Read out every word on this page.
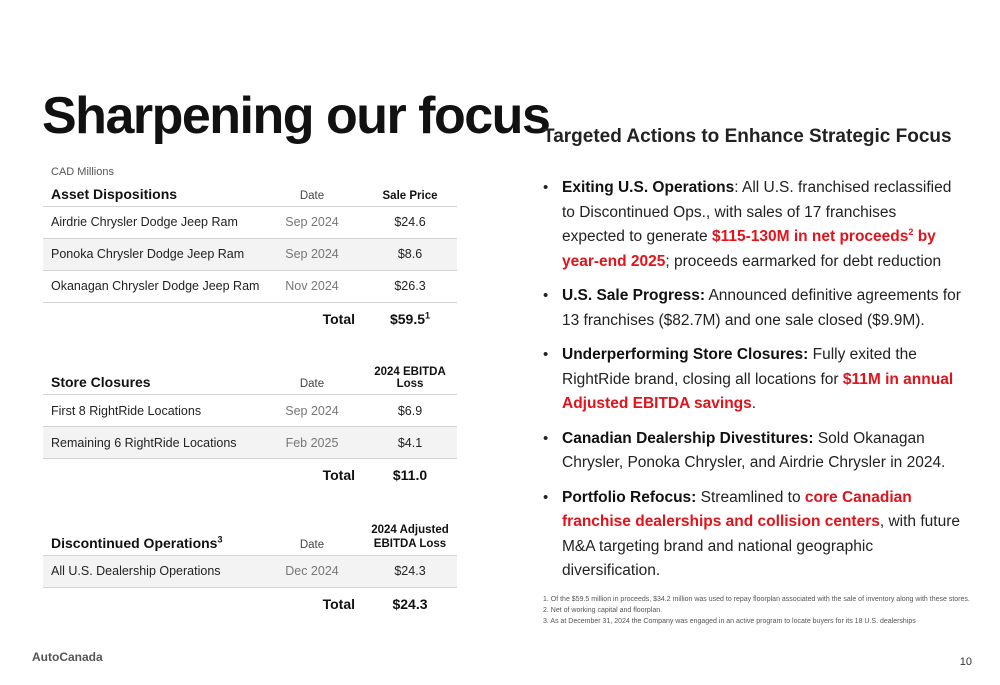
Sharpening our focus
CAD Millions
Asset Dispositions	Date	Sale Price
Airdrie Chrysler Dodge Jeep Ram	Sep 2024	$24.6
Ponoka Chrysler Dodge Jeep Ram	Sep 2024	$8.6
Okanagan Chrysler Dodge Jeep Ram	Nov 2024	$26.3
	Total	$59.5$^1$
Store Closures	Date	2024 EBITDA Loss
First 8 RightRide Locations	Sep 2024	$6.9
Remaining 6 RightRide Locations	Feb 2025	$4.1
	Total	$11.0
Discontinued Operations$^3$	Date	2024 Adjusted EBITDA Loss
All U.S. Dealership Operations	Dec 2024	$24.3
	Total	$24.3
Targeted Actions to Enhance Strategic Focus
• Exiting U.S. Operations: All U.S. franchised reclassified to Discontinued Ops., with sales of 17 franchises expected to generate $115-130M in net proceeds$^2$ by year-end 2025; proceeds earmarked for debt reduction
• U.S. Sale Progress: Announced definitive agreements for 13 franchises ($82.7M) and one sale closed ($9.9M).
• Underperforming Store Closures: Fully exited the RightRide brand, closing all locations for $11M in annual Adjusted EBITDA savings.
• Canadian Dealership Divestitures: Sold Okanagan Chrysler, Ponoka Chrysler, and Airdrie Chrysler in 2024.
• Portfolio Refocus: Streamlined to core Canadian franchise dealerships and collision centers, with future M&A targeting brand and national geographic diversification.
1. Of the $59.5 million in proceeds, $34.2 million was used to repay floorplan associated with the sale of inventory along with these stores.
2. Net of working capital and floorplan.
3. As at December 31, 2024 the Company was engaged in an active program to locate buyers for its 18 U.S. dealerships
AutoCanada	10
